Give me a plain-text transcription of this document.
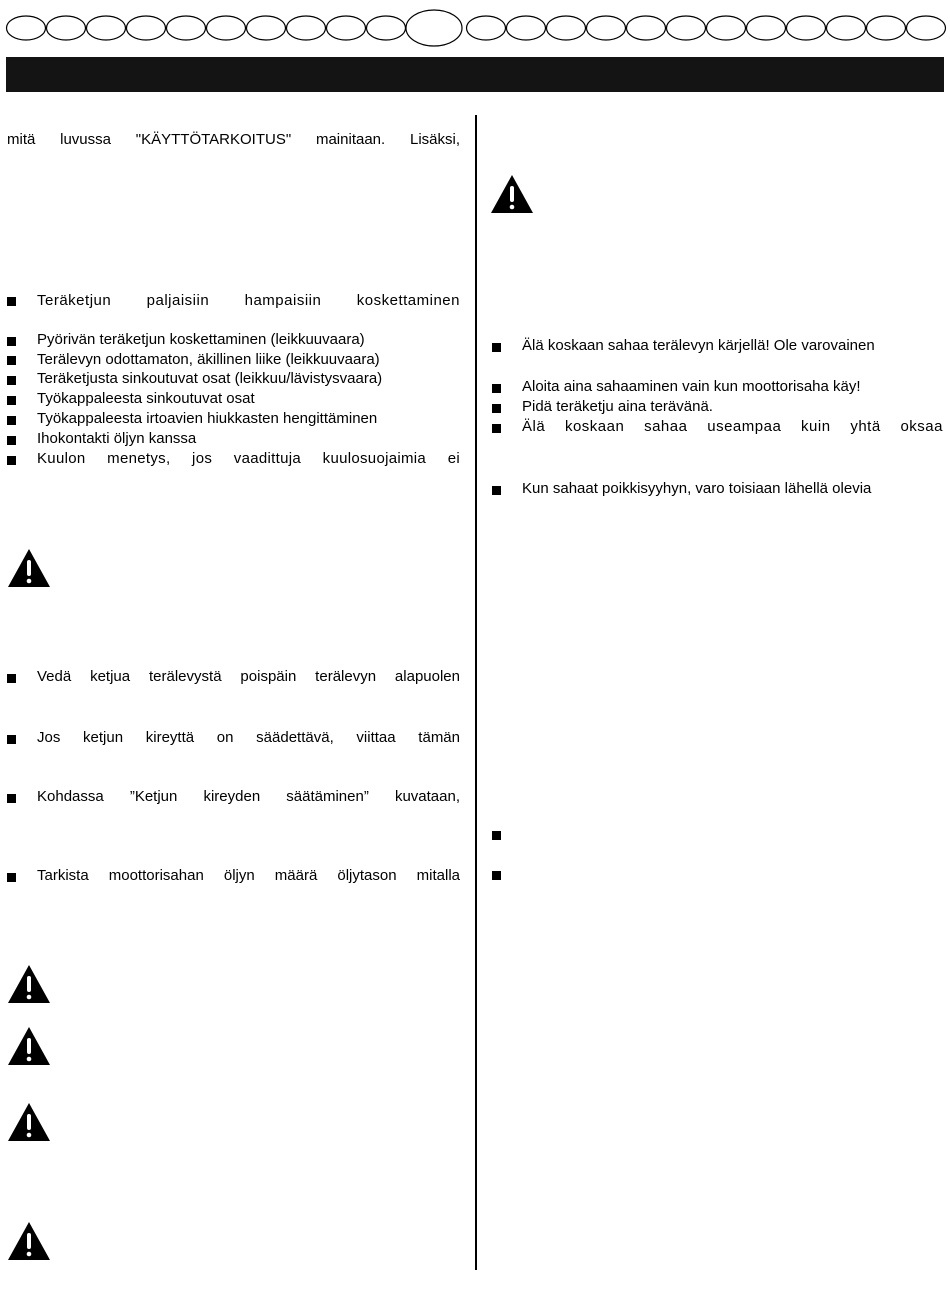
mitä luvussa "KÄYTTÖTARKOITUS" mainitaan. Lisäksi,
Teräketjun paljaisiin hampaisiin koskettaminen
Pyörivän teräketjun koskettaminen (leikkuuvaara)
Terälevyn odottamaton, äkillinen liike (leikkuuvaara)
Teräketjusta sinkoutuvat osat (leikkuu/lävistysvaara)
Työkappaleesta sinkoutuvat osat
Työkappaleesta irtoavien hiukkasten hengittäminen
Ihokontakti öljyn kanssa
Kuulon menetys, jos vaadittuja kuulosuojaimia ei
Vedä ketjua terälevystä poispäin terälevyn alapuolen
Jos ketjun kireyttä on säädettävä, viittaa tämän
Kohdassa ”Ketjun kireyden säätäminen” kuvataan,
Tarkista moottorisahan öljyn määrä öljytason mitalla
Älä koskaan sahaa terälevyn kärjellä! Ole varovainen
Aloita aina sahaaminen vain kun moottorisaha käy!
Pidä teräketju aina terävänä.
Älä koskaan sahaa useampaa kuin yhtä oksaa
Kun sahaat poikkisyyhyn, varo toisiaan lähellä olevia
